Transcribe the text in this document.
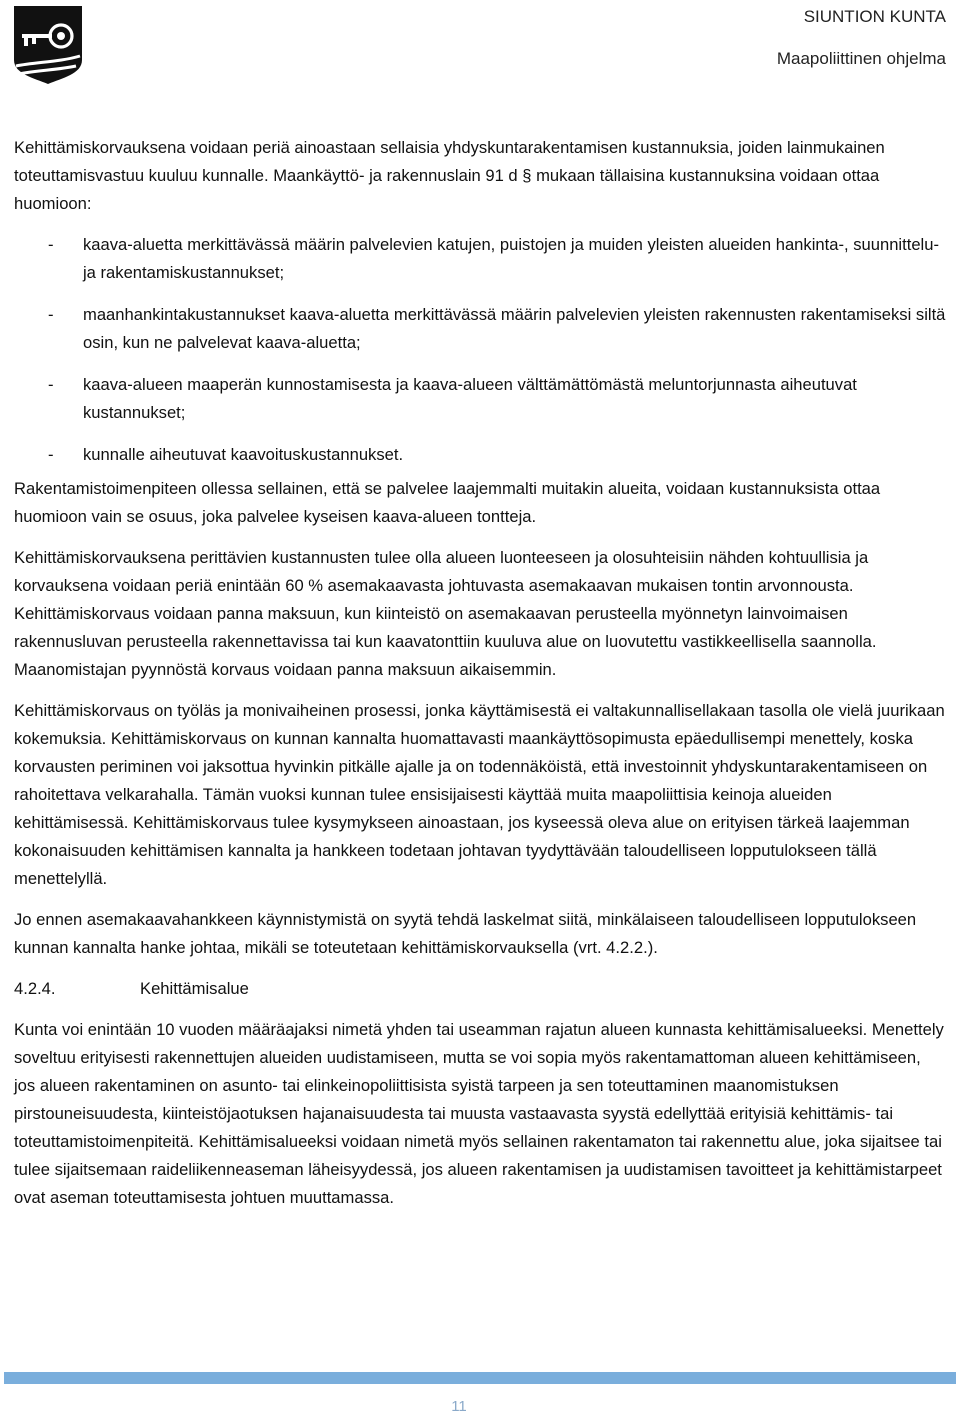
SIUNTION KUNTA

Maapoliittinen ohjelma

Kehittämiskorvauksena voidaan periä ainoastaan sellaisia yhdyskuntarakentamisen kustannuksia, joiden lainmukainen toteuttamisvastuu kuuluu kunnalle. Maankäyttö- ja rakennuslain 91 d § mukaan tällaisina kustannuksina voidaan ottaa huomioon:

- kaava-aluetta merkittävässä määrin palvelevien katujen, puistojen ja muiden yleisten alueiden hankinta-, suunnittelu- ja rakentamiskustannukset;
- maanhankintakustannukset kaava-aluetta merkittävässä määrin palvelevien yleisten rakennusten rakentamiseksi siltä osin, kun ne palvelevat kaava-aluetta;
- kaava-alueen maaperän kunnostamisesta ja kaava-alueen välttämättömästä meluntorjunnasta aiheutuvat kustannukset;
- kunnalle aiheutuvat kaavoituskustannukset.

Rakentamistoimenpiteen ollessa sellainen, että se palvelee laajemmalti muitakin alueita, voidaan kustannuksista ottaa huomioon vain se osuus, joka palvelee kyseisen kaava-alueen tontteja.

Kehittämiskorvauksena perittävien kustannusten tulee olla alueen luonteeseen ja olosuhteisiin nähden kohtuullisia ja korvauksena voidaan periä enintään 60 % asemakaavasta johtuvasta asemakaavan mukaisen tontin arvonnousta. Kehittämiskorvaus voidaan panna maksuun, kun kiinteistö on asemakaavan perusteella myönnetyn lainvoimaisen rakennusluvan perusteella rakennettavissa tai kun kaavatonttiin kuuluva alue on luovutettu vastikkeellisella saannolla. Maanomistajan pyynnöstä korvaus voidaan panna maksuun aikaisemmin.

Kehittämiskorvaus on työläs ja monivaiheinen prosessi, jonka käyttämisestä ei valtakunnallisellakaan tasolla ole vielä juurikaan kokemuksia. Kehittämiskorvaus on kunnan kannalta huomattavasti maankäyttösopimusta epäedullisempi menettely, koska korvausten periminen voi jaksottua hyvinkin pitkälle ajalle ja on todennäköistä, että investoinnit yhdyskuntarakentamiseen on rahoitettava velkarahalla. Tämän vuoksi kunnan tulee ensisijaisesti käyttää muita maapoliittisia keinoja alueiden kehittämisessä. Kehittämiskorvaus tulee kysymykseen ainoastaan, jos kyseessä oleva alue on erityisen tärkeä laajemman kokonaisuuden kehittämisen kannalta ja hankkeen todetaan johtavan tyydyttävään taloudelliseen lopputulokseen tällä menettelyllä.

Jo ennen asemakaavahankkeen käynnistymistä on syytä tehdä laskelmat siitä, minkälaiseen taloudelliseen lopputulokseen kunnan kannalta hanke johtaa, mikäli se toteutetaan kehittämiskorvauksella (vrt. 4.2.2.).

4.2.4.	Kehittämisalue

Kunta voi enintään 10 vuoden määräajaksi nimetä yhden tai useamman rajatun alueen kunnasta kehittämisalueeksi. Menettely soveltuu erityisesti rakennettujen alueiden uudistamiseen, mutta se voi sopia myös rakentamattoman alueen kehittämiseen, jos alueen rakentaminen on asunto- tai elinkeinopoliittisista syistä tarpeen ja sen toteuttaminen maanomistuksen pirstouneisuudesta, kiinteistöjaotuksen hajanaisuudesta tai muusta vastaavasta syystä edellyttää erityisiä kehittämis- tai toteuttamistoimenpiteitä. Kehittämisalueeksi voidaan nimetä myös sellainen rakentamaton tai rakennettu alue, joka sijaitsee tai tulee sijaitsemaan raideliikenneaseman läheisyydessä, jos alueen rakentamisen ja uudistamisen tavoitteet ja kehittämistarpeet ovat aseman toteuttamisesta johtuen muuttamassa.

11
